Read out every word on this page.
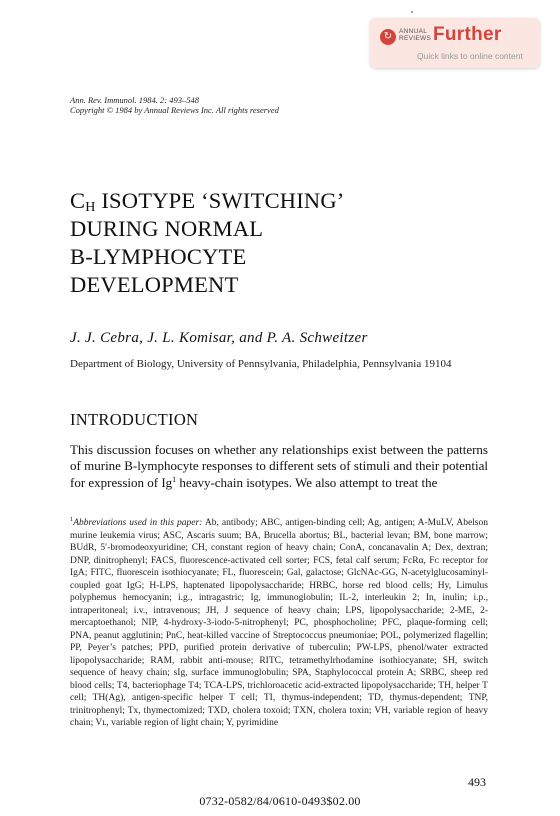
↻	ANNUAL
REVIEWS Further
Quick links to online content
Ann. Rev. Immunol. 1984. 2: 493–548
Copyright © 1984 by Annual Reviews Inc. All rights reserved
$C_H$ ISOTYPE ‘SWITCHING’
DURING NORMAL
B-LYMPHOCYTE
DEVELOPMENT
J. J. Cebra, J. L. Komisar, and P. A. Schweitzer
Department of Biology, University of Pennsylvania, Philadelphia, Pennsylvania 19104
INTRODUCTION
This discussion focuses on whether any relationships exist between the patterns of murine B-lymphocyte responses to different sets of stimuli and their potential for expression of Ig$^1$ heavy-chain isotypes. We also attempt to treat the
$^1$Abbreviations used in this paper: Ab, antibody; ABC, antigen-binding cell; Ag, antigen; A-MuLV, Abelson murine leukemia virus; ASC, Ascaris suum; BA, Brucella abortus; BL, bacterial levan; BM, bone marrow; BUdR, 5′-bromodeoxyuridine; CΗ, constant region of heavy chain; ConA, concanavalin A; Dex, dextran; DNP, dinitrophenyl; FACS, fluorescence-activated cell sorter; FCS, fetal calf serum; FcRα, Fᴄ receptor for IgA; FITC, fluorescein isothiocyanate; FL, fluorescein; Gal, galactose; GlcNAc-GG, N-acetylglucosaminyl-coupled goat IgG; H-LPS, haptenated lipopolysaccharide; HRBC, horse red blood cells; Hy, Limulus polyphemus hemocyanin; i.g., intragastric; Ig, immunoglobulin; IL-2, interleukin 2; In, inulin; i.p., intraperitoneal; i.v., intravenous; JΗ, J sequence of heavy chain; LPS, lipopolysaccharide; 2-ME, 2-mercaptoethanol; NIP, 4-hydroxy-3-iodo-5-nitrophenyl; PC, phosphocholine; PFC, plaque-forming cell; PNA, peanut agglutinin; PnC, heat-killed vaccine of Streptococcus pneumoniae; POL, polymerized flagellin; PP, Peyer’s patches; PPD, purified protein derivative of tuberculin; PW-LPS, phenol/water extracted lipopolysaccharide; RAM, rabbit anti-mouse; RITC, tetramethylrhodamine isothiocyanate; SΗ, switch sequence of heavy chain; sIg, surface immunoglobulin; SPA, Staphylococcal protein A; SRBC, sheep red blood cells; T4, bacteriophage T4; TCA-LPS, trichloroacetic acid-extracted lipopolysaccharide; TΗ, helper T cell; TΗ(Ag), antigen-specific helper T cell; TI, thymus-independent; TD, thymus-dependent; TNP, trinitrophenyl; Tx, thymectomized; TXD, cholera toxoid; TXN, cholera toxin; VΗ, variable region of heavy chain; Vʟ, variable region of light chain; Y, pyrimidine
493
0732-0582/84/0610-0493$02.00
